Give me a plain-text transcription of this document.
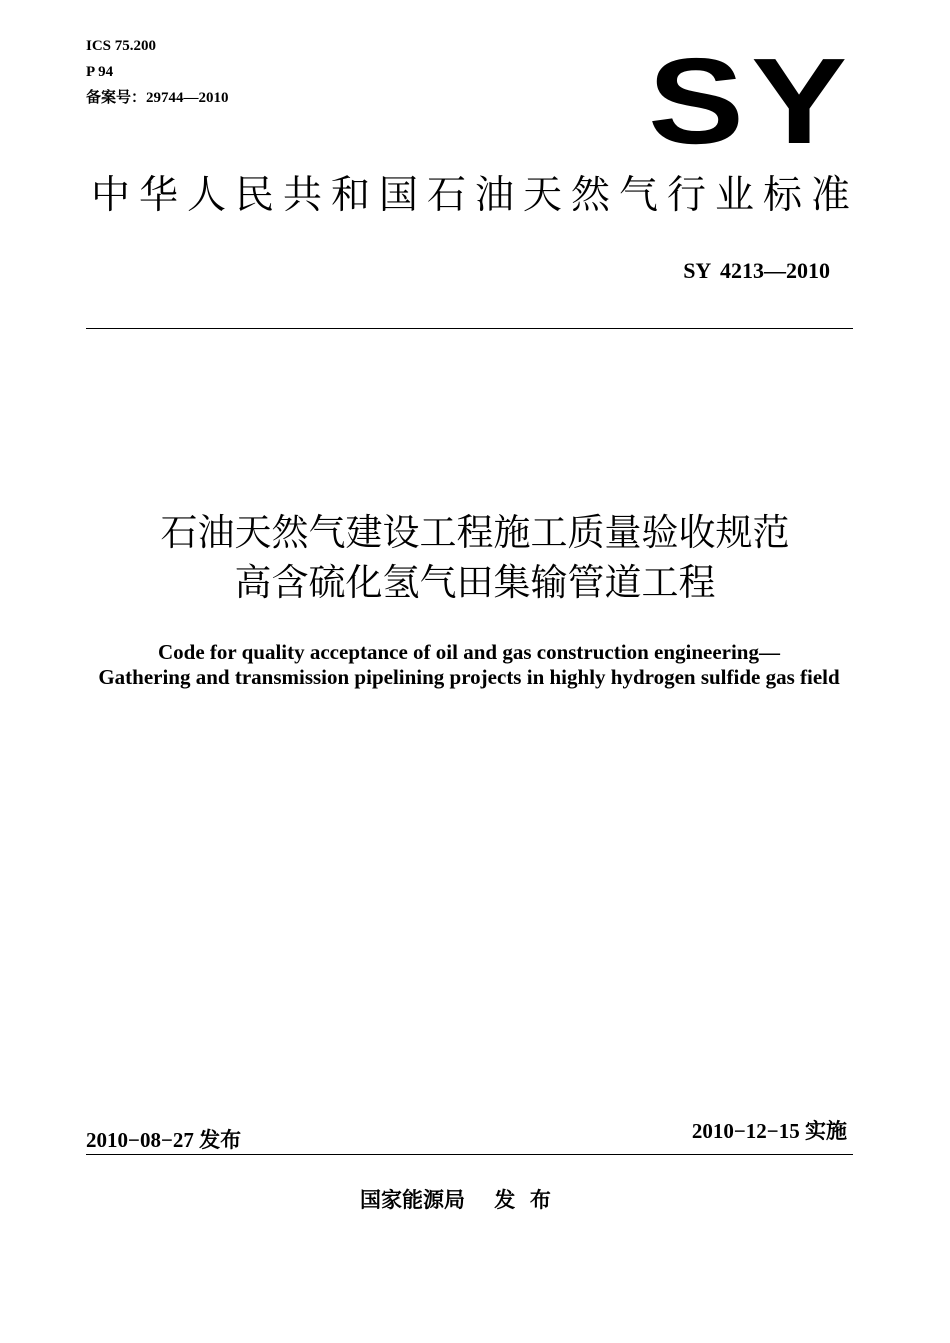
ICS 75.200
P 94
备案号：29744—2010	SY
中华人民共和国石油天然气行业标准
SY 4213—2010
石油天然气建设工程施工质量验收规范
高含硫化氢气田集输管道工程
Code for quality acceptance of oil and gas construction engineering—
Gathering and transmission pipelining projects in highly hydrogen sulfide gas field
2010−08−27 发布	2010−12−15 实施
国家能源局    发  布
